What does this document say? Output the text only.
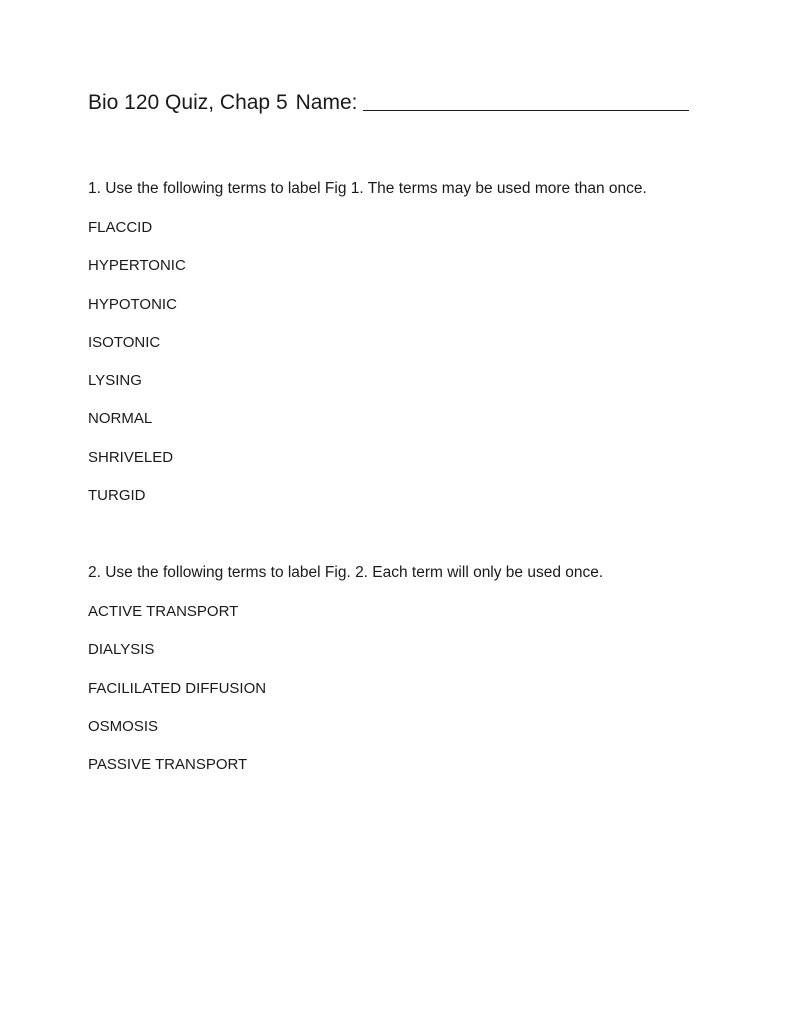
Bio 120 Quiz, Chap 5 Name:
1. Use the following terms to label Fig 1. The terms may be used more than once.
FLACCID
HYPERTONIC
HYPOTONIC
ISOTONIC
LYSING
NORMAL
SHRIVELED
TURGID
2. Use the following terms to label Fig. 2. Each term will only be used once.
ACTIVE TRANSPORT
DIALYSIS
FACILILATED DIFFUSION
OSMOSIS
PASSIVE TRANSPORT
